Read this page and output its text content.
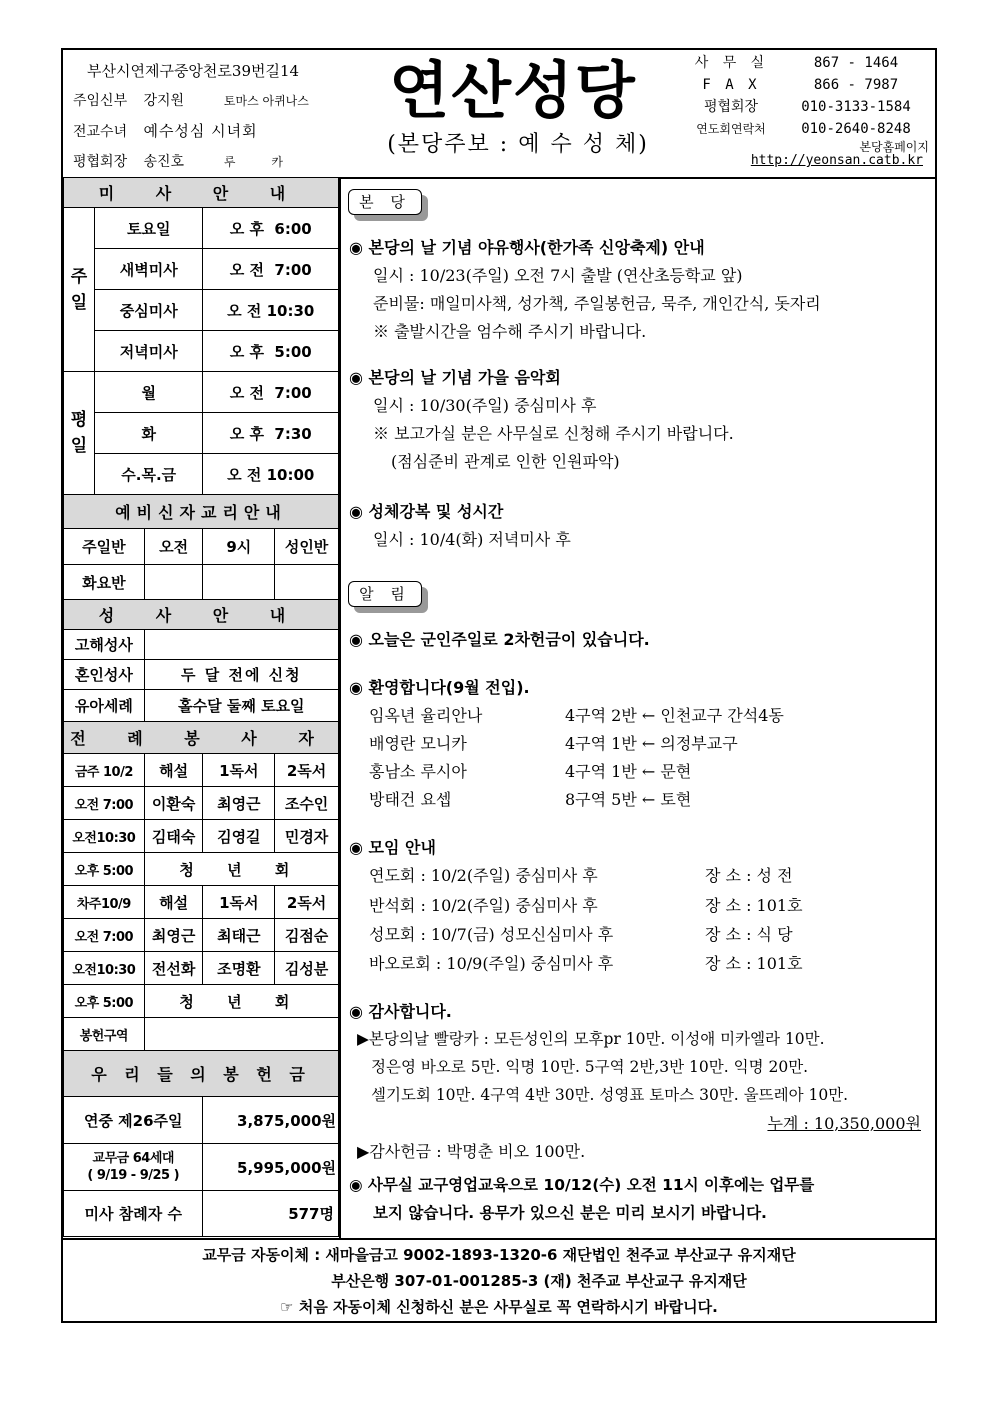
부산시연제구중앙천로39번길14
주임신부 강지원	토마스 아퀴나스
전교수녀 예수성심 시녀회
평협회장 송진호	루 카
연산성당
(본당주보 : 예 수 성 체)
사 무 실	867 - 1464
F A X	866 - 7987
평협회장	010-3133-1584
연도회연락처	010-2640-8248
본당홈페이지
http://yeonsan.catb.kr
미 사 안 내				
주일	토요일		오 후  6:00	
	새벽미사		오 전  7:00	
	중심미사		오 전 10:30	
	저녁미사		오 후  5:00	
평일	월		오 전  7:00	
	화		오 후  7:30	
	수.목.금		오 전 10:00	
예비신자교리안내				
주일반		오전	9시	성인반
화요반				
성 사 안 내				
고해성사				
혼인성사		두 달 전에 신청		
유아세례		홀수달 둘째 토요일		
전 례 봉 사 자				
금주 10/2		해설	1독서	2독서
오전 7:00		이환숙	최영근	조수인
오전10:30		김태숙	김영길	민경자
오후 5:00		청 년 회		
차주10/9		해설	1독서	2독서
오전 7:00		최영근	최태근	김점순
오전10:30		전선화	조명환	김성분
오후 5:00		청 년 회		
봉헌구역				
우 리 들 의 봉 헌 금				
연중 제26주일			3,875,000원	

교무금 64세대
( 9/19 - 9/25 )			5,995,000원	
미사 참례자 수			577명	
본 당
◉ 본당의 날 기념 야유행사(한가족 신앙축제) 안내
일시 : 10/23(주일) 오전 7시 출발 (연산초등학교 앞)
준비물: 매일미사책, 성가책, 주일봉헌금, 묵주, 개인간식, 돗자리
※ 출발시간을 엄수해 주시기 바랍니다.
◉ 본당의 날 기념 가을 음악회
일시 : 10/30(주일) 중심미사 후
※ 보고가실 분은 사무실로 신청해 주시기 바랍니다.
(점심준비 관계로 인한 인원파악)
◉ 성체강복 및 성시간
일시 : 10/4(화) 저녁미사 후
알 림
◉ 오늘은 군인주일로 2차헌금이 있습니다.
◉ 환영합니다(9월 전입).
임옥년 율리안나	4구역 2반 ← 인천교구 간석4동
배영란 모니카	4구역 1반 ← 의정부교구
홍남소 루시아	4구역 1반 ← 문현
방태건 요셉	8구역 5반 ← 토현
◉ 모임 안내
연도회 : 10/2(주일) 중심미사 후	장 소 : 성 전
반석회 : 10/2(주일) 중심미사 후	장 소 : 101호
성모회 : 10/7(금) 성모신심미사 후	장 소 : 식 당
바오로회 : 10/9(주일) 중심미사 후	장 소 : 101호
◉ 감사합니다.
▶본당의날 빨랑카 : 모든성인의 모후pr 10만. 이성애 미카엘라 10만.
정은영 바오로 5만. 익명 10만. 5구역 2반,3반 10만. 익명 20만.
셀기도회 10만. 4구역 4반 30만. 성영표 토마스 30만. 울뜨레아 10만.
누계 : 10,350,000원
▶감사헌금 : 박명춘 비오 100만.
◉ 사무실 교구영업교육으로 10/12(수) 오전 11시 이후에는 업무를
보지 않습니다. 용무가 있으신 분은 미리 보시기 바랍니다.
교무금 자동이체 : 새마을금고 9002-1893-1320-6 재단법인 천주교 부산교구 유지재단
부산은행 307-01-001285-3 (재) 천주교 부산교구 유지재단
☞ 처음 자동이체 신청하신 분은 사무실로 꼭 연락하시기 바랍니다.
